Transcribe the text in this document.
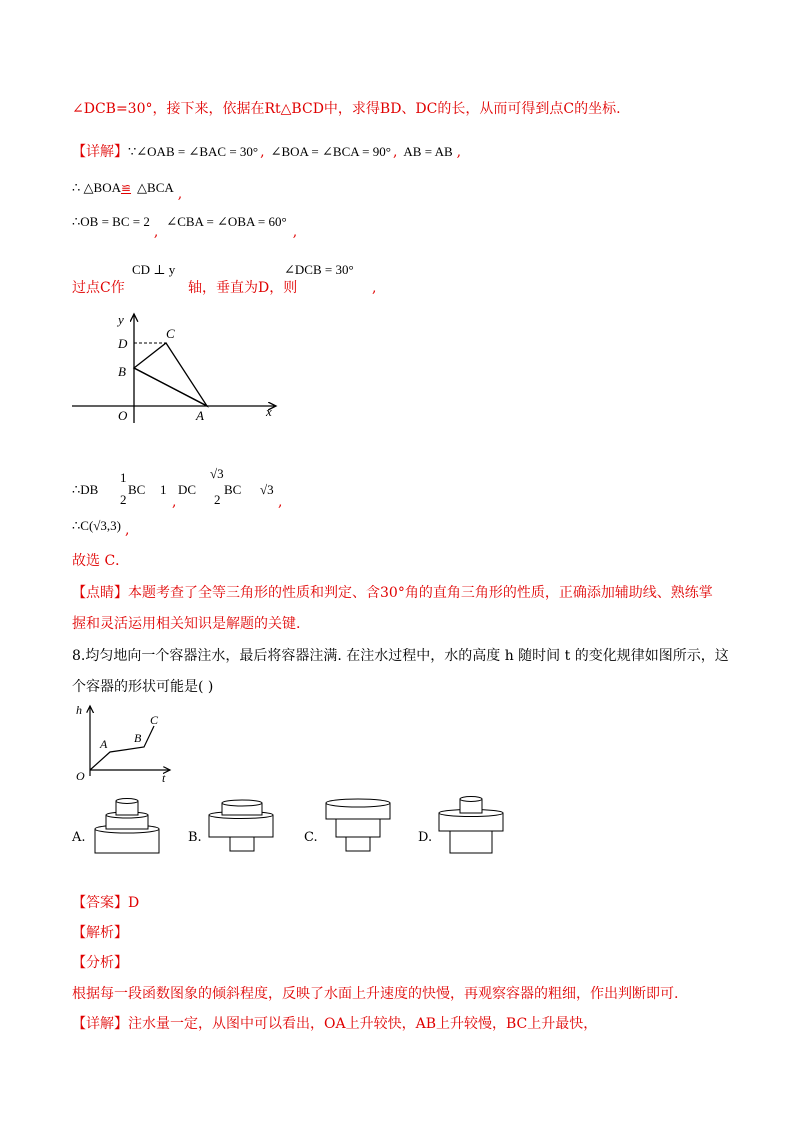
∠DCB=30°，接下来，依据在Rt△BCD中，求得BD、DC的长，从而可得到点C的坐标.
【详解】∵∠OAB = ∠BAC = 30° , ∠BOA = ∠BCA = 90° , AB = AB ,
∴ △BOA≌ △BCA ,
∴OB = BC = 2,∠CBA = ∠OBA = 60°,
过点C作
CD ⊥ y
轴，垂直为D，则
∠DCB = 30°
,
y
C
D
B
O	A	x
∴DB
1
2
BC 1
,
DC
√3
2
BC √3
,
∴C(√3,3) ,
故选 C．
【点睛】本题考查了全等三角形的性质和判定、含30°角的直角三角形的性质，正确添加辅助线、熟练掌
握和灵活运用相关知识是解题的关键.
8.均匀地向一个容器注水，最后将容器注满. 在注水过程中，水的高度 h 随时间 t 的变化规律如图所示，这
个容器的形状可能是( )
h
C
B
A
O	t
A.	B.	C.	D.
【答案】D
【解析】
【分析】
根据每一段函数图象的倾斜程度，反映了水面上升速度的快慢，再观察容器的粗细，作出判断即可.
【详解】注水量一定，从图中可以看出，OA上升较快，AB上升较慢，BC上升最快，
